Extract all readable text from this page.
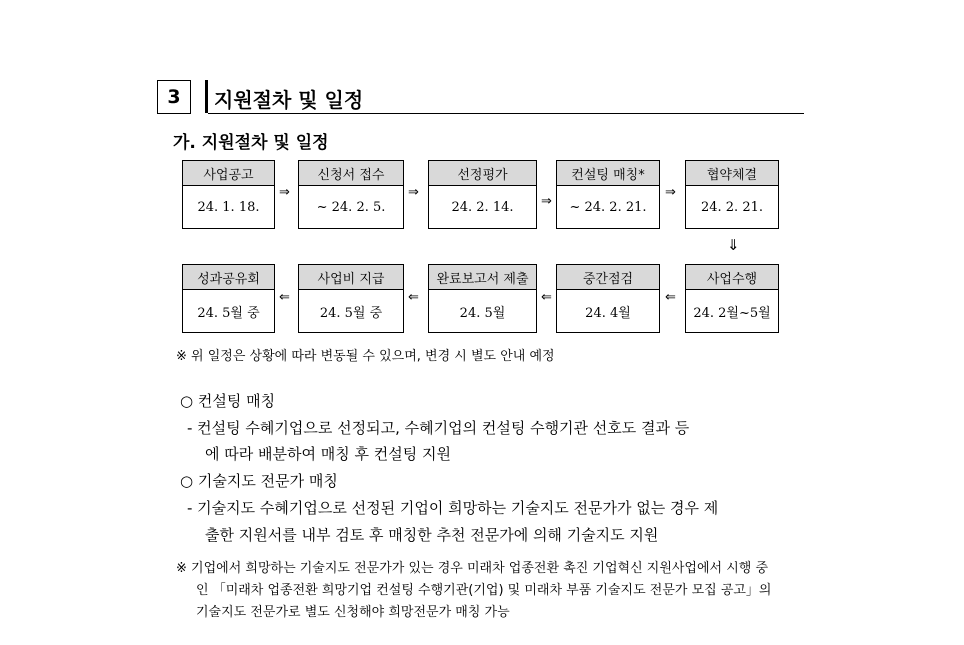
3	지원절차 및 일정
가. 지원절차 및 일정
사업공고
24. 1. 18.
⇒
신청서 접수
~ 24. 2. 5.
⇒
선정평가
24. 2. 14.	⇒
컨설팅 매칭*
~ 24. 2. 21.
⇒
협약체결
24. 2. 21.
⇓
성과공유회
24. 5월 중
⇐
사업비 지급
24. 5월 중
⇐
완료보고서 제출
24. 5월
⇐
중간점검
24. 4월
⇐
사업수행
24. 2월~5월
※ 위 일정은 상황에 따라 변동될 수 있으며, 변경 시 별도 안내 예정
○ 컨설팅 매칭
- 컨설팅 수혜기업으로 선정되고, 수혜기업의 컨설팅 수행기관 선호도 결과 등
에 따라 배분하여 매칭 후 컨설팅 지원
○ 기술지도 전문가 매칭
- 기술지도 수혜기업으로 선정된 기업이 희망하는 기술지도 전문가가 없는 경우 제
출한 지원서를 내부 검토 후 매칭한 추천 전문가에 의해 기술지도 지원
※ 기업에서 희망하는 기술지도 전문가가 있는 경우 미래차 업종전환 촉진 기업혁신 지원사업에서 시행 중
인 「미래차 업종전환 희망기업 컨설팅 수행기관(기업) 및 미래차 부품 기술지도 전문가 모집 공고」의
기술지도 전문가로 별도 신청해야 희망전문가 매칭 가능
